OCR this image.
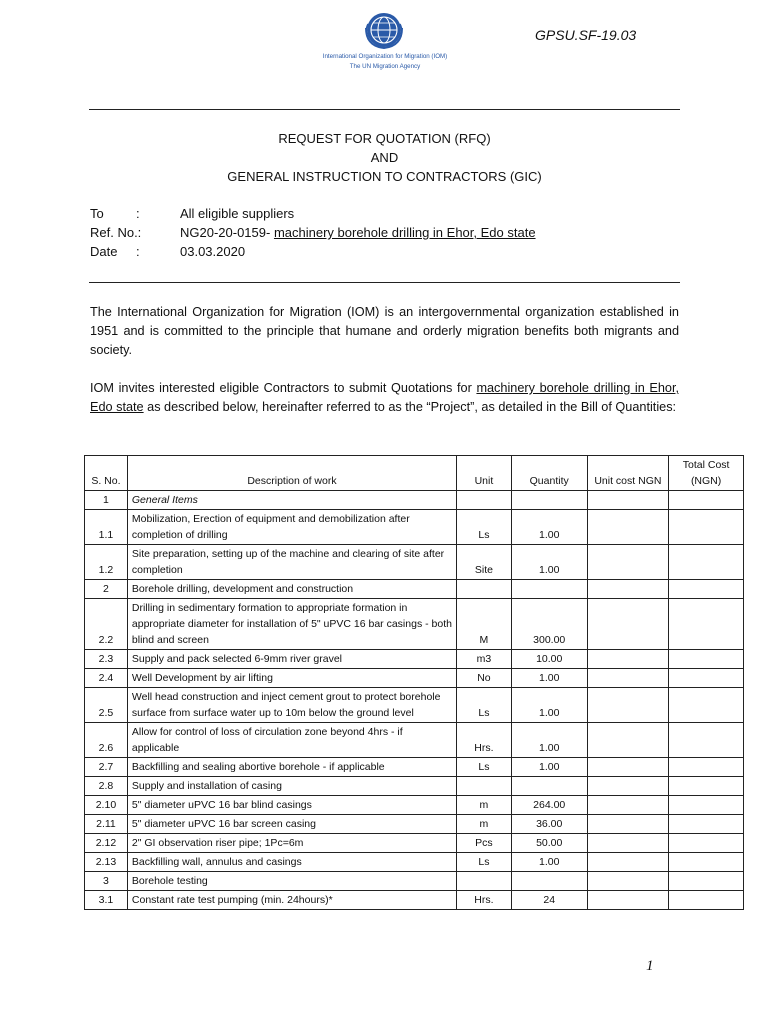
International Organization for Migration (IOM)
The UN Migration Agency
GPSU.SF-19.03
REQUEST FOR QUOTATION (RFQ)
AND
GENERAL INSTRUCTION TO CONTRACTORS (GIC)
To :	All eligible suppliers
Ref. No.:	NG20-20-0159- machinery borehole drilling in Ehor, Edo state
Date :	03.03.2020
The International Organization for Migration (IOM) is an intergovernmental organization established in 1951 and is committed to the principle that humane and orderly migration benefits both migrants and society.
IOM invites interested eligible Contractors to submit Quotations for machinery borehole drilling in Ehor, Edo state as described below, hereinafter referred to as the “Project”, as detailed in the Bill of Quantities:
S. No.	Description of work	Unit	Quantity	Unit cost NGN	Total Cost (NGN)
1	General Items				
1.1	Mobilization, Erection of equipment and demobilization after completion of drilling	Ls	1.00		
1.2	Site preparation, setting up of the machine and clearing of site after completion	Site	1.00		
2	Borehole drilling, development and construction				
2.2	Drilling in sedimentary formation to appropriate formation in appropriate diameter for installation of 5" uPVC 16 bar casings - both blind and screen	M	300.00		
2.3	Supply and pack selected 6-9mm river gravel	m3	10.00		
2.4	Well Development by air lifting	No	1.00		
2.5	Well head construction and inject cement grout to protect borehole surface from surface water up to 10m below the ground level	Ls	1.00		
2.6	Allow for control of loss of circulation zone beyond 4hrs - if applicable	Hrs.	1.00		
2.7	Backfilling and sealing abortive borehole - if applicable	Ls	1.00		
2.8	Supply and installation of casing				
2.10	5" diameter uPVC 16 bar blind casings	m	264.00		
2.11	5" diameter uPVC 16 bar screen casing	m	36.00		
2.12	2" GI observation riser pipe; 1Pc=6m	Pcs	50.00		
2.13	Backfilling wall, annulus and casings	Ls	1.00		
3	Borehole testing				
3.1	Constant rate test pumping (min. 24hours)*	Hrs.	24		
1
